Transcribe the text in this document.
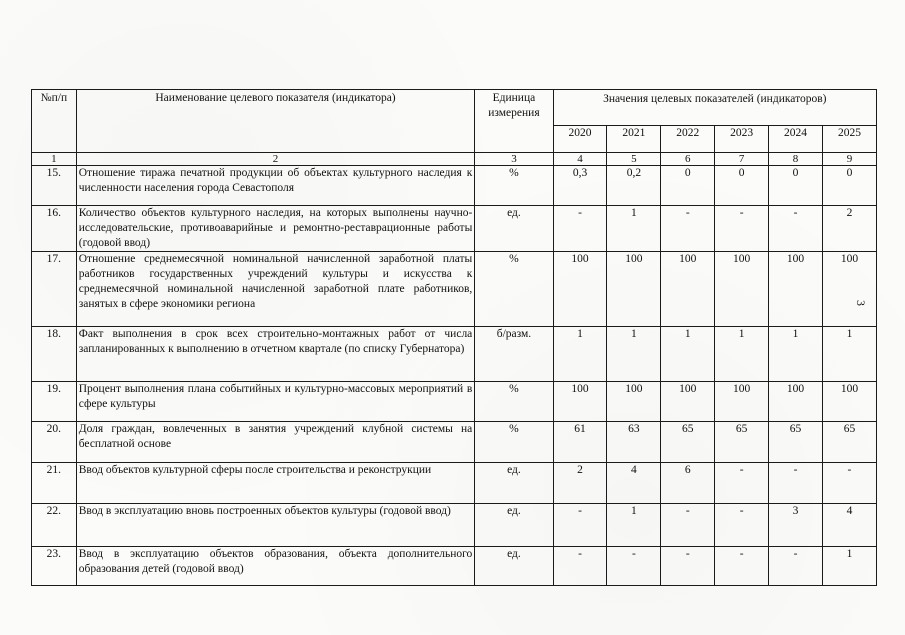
3
№п/п	Наименование целевого показателя (индикатора)	Единица измерения	Значения целевых показателей (индикаторов)					
			2020	2021	2022	2023	2024	2025
1	2	3	4	5	6	7	8	9
15.	Отношение тиража печатной продукции об объектах культурного наследия к численности населения города Севастополя	%	0,3	0,2	0	0	0	0
16.	Количество объектов культурного наследия, на которых выполнены научно-исследовательские, противоаварийные и ремонтно-реставрационные работы (годовой ввод)	ед.	-	1	-	-	-	2
17.	Отношение среднемесячной номинальной начисленной заработной платы работников государственных учреждений культуры и искусства к среднемесячной номинальной начисленной заработной плате работников, занятых в сфере экономики региона	%	100	100	100	100	100	100
18.	Факт выполнения в срок всех строительно-монтажных работ от числа запланированных к выполнению в отчетном квартале (по списку Губернатора)	б/разм.	1	1	1	1	1	1
19.	Процент выполнения плана событийных и культурно-массовых мероприятий в сфере культуры	%	100	100	100	100	100	100
20.	Доля граждан, вовлеченных в занятия учреждений клубной системы на бесплатной основе	%	61	63	65	65	65	65
21.	Ввод объектов культурной сферы после строительства и реконструкции	ед.	2	4	6	-	-	-
22.	Ввод в эксплуатацию вновь построенных объектов культуры (годовой ввод)	ед.	-	1	-	-	3	4
23.	Ввод в эксплуатацию объектов образования, объекта дополнительного образования детей (годовой ввод)	ед.	-	-	-	-	-	1
